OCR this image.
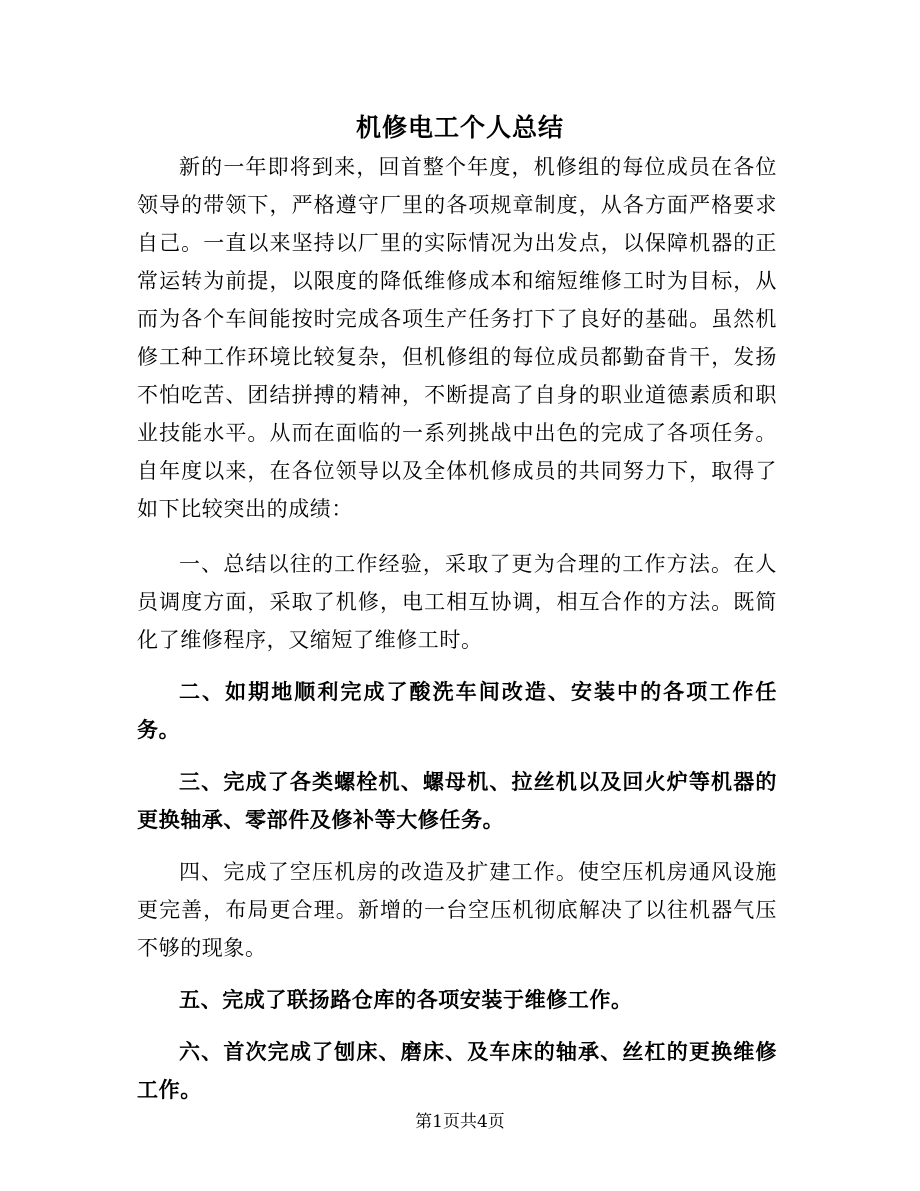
机修电工个人总结

新的一年即将到来，回首整个年度，机修组的每位成员在各位领导的带领下，严格遵守厂里的各项规章制度，从各方面严格要求自己。一直以来坚持以厂里的实际情况为出发点，以保障机器的正常运转为前提，以限度的降低维修成本和缩短维修工时为目标，从而为各个车间能按时完成各项生产任务打下了良好的基础。虽然机修工种工作环境比较复杂，但机修组的每位成员都勤奋肯干，发扬不怕吃苦、团结拼搏的精神，不断提高了自身的职业道德素质和职业技能水平。从而在面临的一系列挑战中出色的完成了各项任务。自年度以来，在各位领导以及全体机修成员的共同努力下，取得了如下比较突出的成绩：

一、总结以往的工作经验，采取了更为合理的工作方法。在人员调度方面，采取了机修，电工相互协调，相互合作的方法。既简化了维修程序，又缩短了维修工时。

二、如期地顺利完成了酸洗车间改造、安装中的各项工作任务。

三、完成了各类螺栓机、螺母机、拉丝机以及回火炉等机器的更换轴承、零部件及修补等大修任务。

四、完成了空压机房的改造及扩建工作。使空压机房通风设施更完善，布局更合理。新增的一台空压机彻底解决了以往机器气压不够的现象。

五、完成了联扬路仓库的各项安装于维修工作。

六、首次完成了刨床、磨床、及车床的轴承、丝杠的更换维修工作。

第1页共4页
